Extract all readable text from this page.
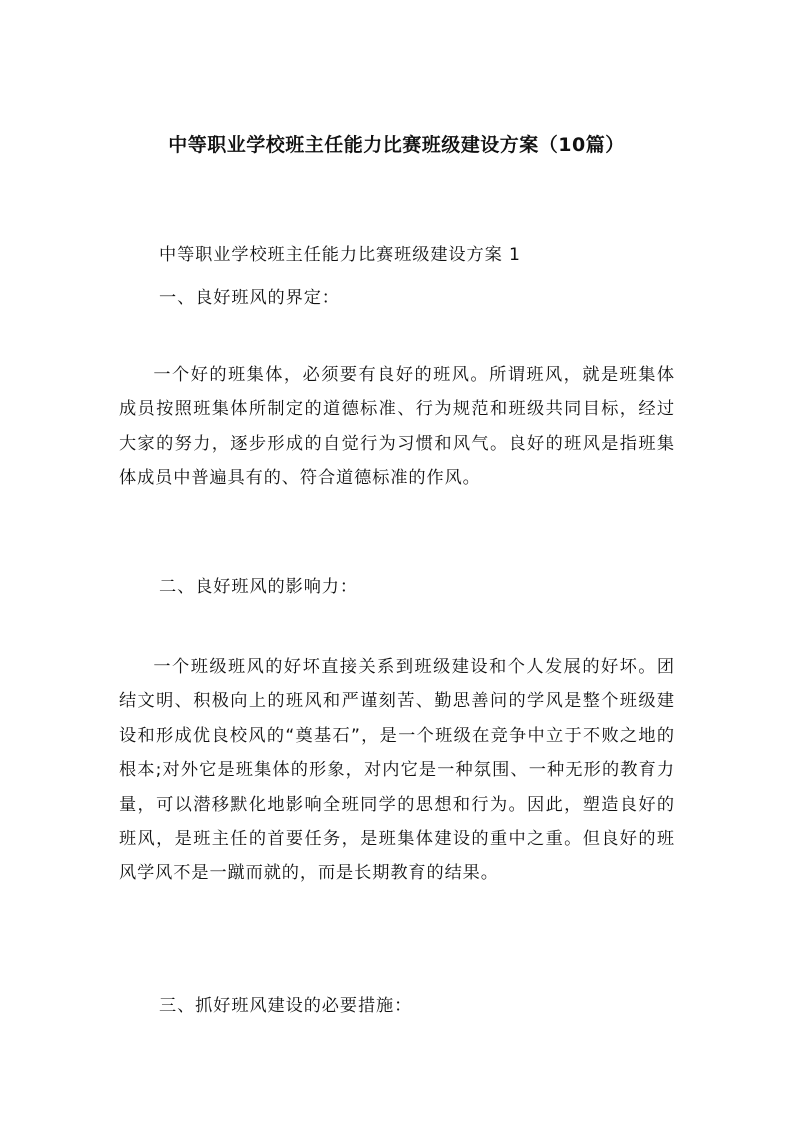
中等职业学校班主任能力比赛班级建设方案（10篇）
中等职业学校班主任能力比赛班级建设方案 1
一、良好班风的界定：

一个好的班集体，必须要有良好的班风。所谓班风，就是班集体成员按照班集体所制定的道德标准、行为规范和班级共同目标，经过大家的努力，逐步形成的自觉行为习惯和风气。良好的班风是指班集体成员中普遍具有的、符合道德标准的作风。

二、良好班风的影响力：

一个班级班风的好坏直接关系到班级建设和个人发展的好坏。团结文明、积极向上的班风和严谨刻苦、勤思善问的学风是整个班级建设和形成优良校风的“奠基石”，是一个班级在竞争中立于不败之地的根本;对外它是班集体的形象，对内它是一种氛围、一种无形的教育力量，可以潜移默化地影响全班同学的思想和行为。因此，塑造良好的班风，是班主任的首要任务，是班集体建设的重中之重。但良好的班风学风不是一蹴而就的，而是长期教育的结果。

三、抓好班风建设的必要措施：
